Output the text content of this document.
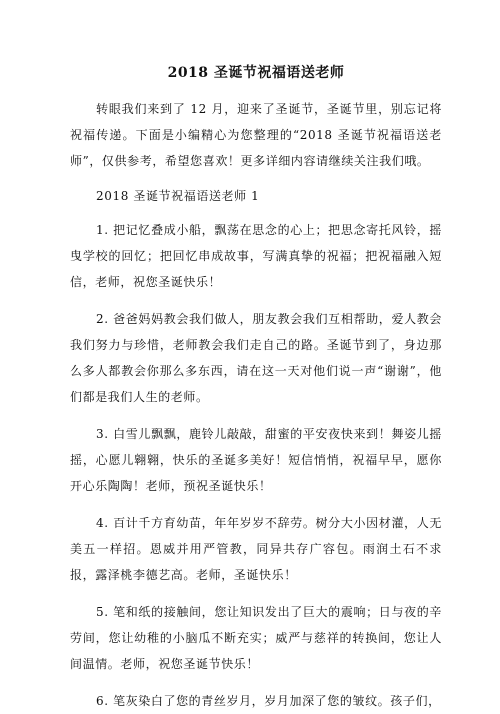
2018 圣诞节祝福语送老师

转眼我们来到了 12 月，迎来了圣诞节，圣诞节里，别忘记将祝福传递。下面是小编精心为您整理的“2018 圣诞节祝福语送老师”，仅供参考，希望您喜欢！更多详细内容请继续关注我们哦。

2018 圣诞节祝福语送老师 1

1. 把记忆叠成小船，飘荡在思念的心上；把思念寄托风铃，摇曳学校的回忆；把回忆串成故事，写满真挚的祝福；把祝福融入短信，老师，祝您圣诞快乐！

2. 爸爸妈妈教会我们做人，朋友教会我们互相帮助，爱人教会我们努力与珍惜，老师教会我们走自己的路。圣诞节到了，身边那么多人都教会你那么多东西，请在这一天对他们说一声“谢谢”，他们都是我们人生的老师。

3. 白雪儿飘飘，鹿铃儿敲敲，甜蜜的平安夜快来到！舞姿儿摇摇，心愿儿翱翱，快乐的圣诞多美好！短信悄悄，祝福早早，愿你开心乐陶陶！老师，预祝圣诞快乐！

4. 百计千方育幼苗，年年岁岁不辞劳。树分大小因材灌，人无美五一样招。恩威并用严管教，同异共存广容包。雨润土石不求报，露泽桃李德艺高。老师，圣诞快乐！

5. 笔和纸的接触间，您让知识发出了巨大的震响；日与夜的辛劳间，您让幼稚的小脑瓜不断充实；威严与慈祥的转换间，您让人间温情。老师，祝您圣诞节快乐！

6. 笔灰染白了您的青丝岁月，岁月加深了您的皱纹。孩子们，
